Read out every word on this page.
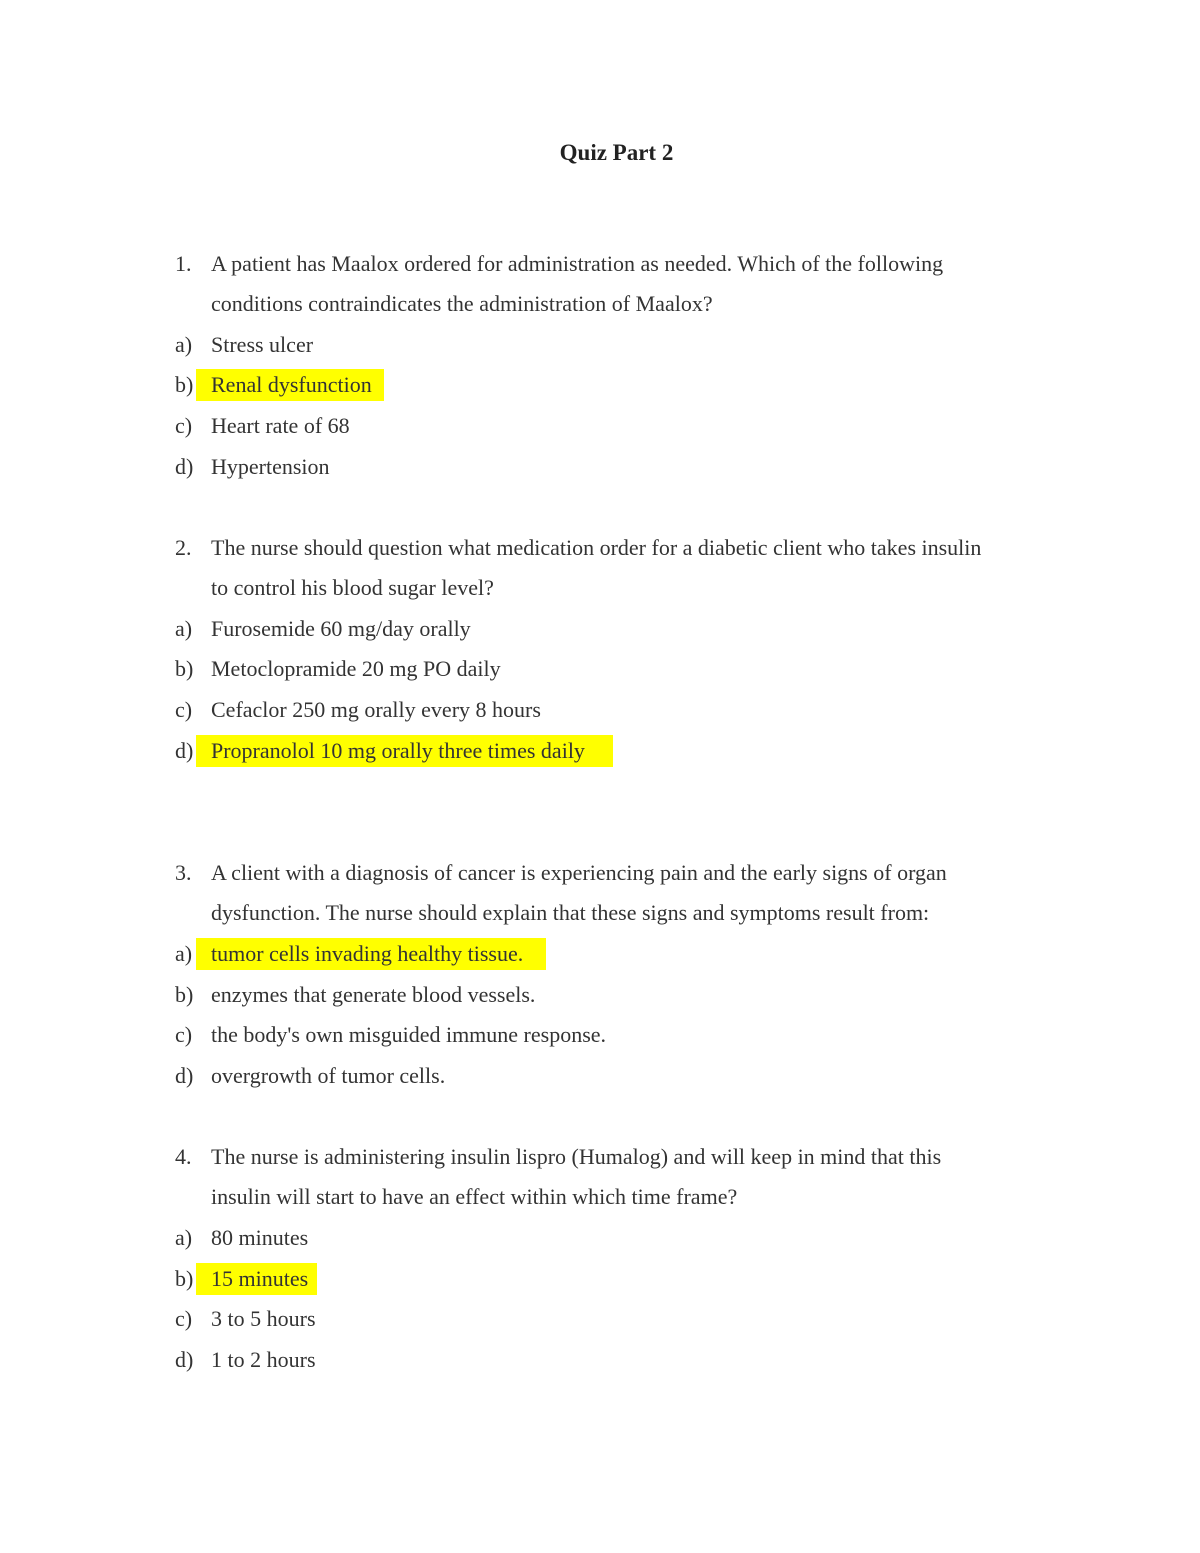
Quiz Part 2
1. A patient has Maalox ordered for administration as needed. Which of the following
conditions contraindicates the administration of Maalox?
a) Stress ulcer
b) Renal dysfunction
c) Heart rate of 68
d) Hypertension
2. The nurse should question what medication order for a diabetic client who takes insulin
to control his blood sugar level?
a) Furosemide 60 mg/day orally
b) Metoclopramide 20 mg PO daily
c) Cefaclor 250 mg orally every 8 hours
d) Propranolol 10 mg orally three times daily
3. A client with a diagnosis of cancer is experiencing pain and the early signs of organ
dysfunction. The nurse should explain that these signs and symptoms result from:
a) tumor cells invading healthy tissue.
b) enzymes that generate blood vessels.
c) the body's own misguided immune response.
d) overgrowth of tumor cells.
4. The nurse is administering insulin lispro (Humalog) and will keep in mind that this
insulin will start to have an effect within which time frame?
a) 80 minutes
b) 15 minutes
c) 3 to 5 hours
d) 1 to 2 hours
